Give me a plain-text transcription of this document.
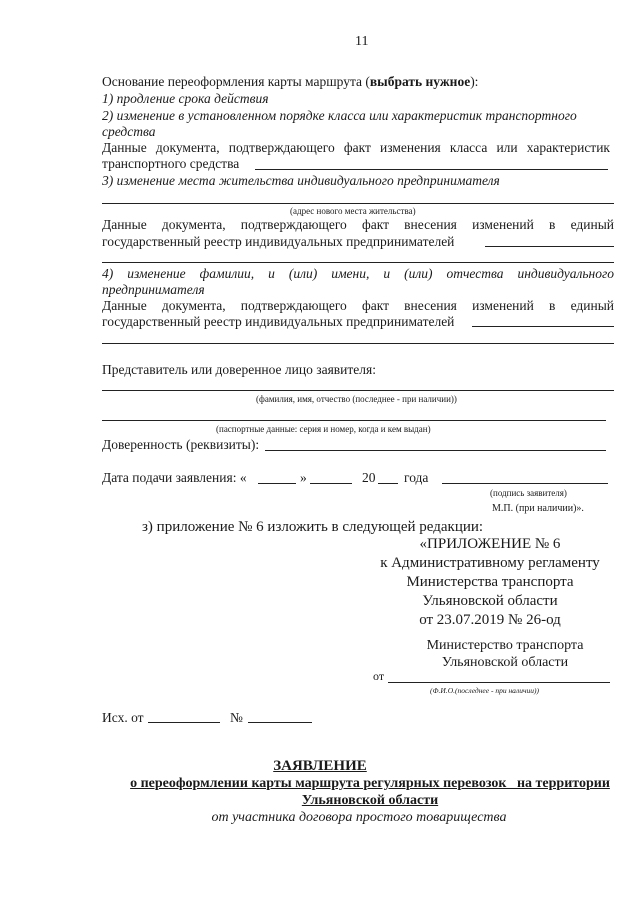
11
Основание переоформления карты маршрута (выбрать нужное):
1) продление срока действия
2) изменение в установленном порядке класса или характеристик транспортного
средства
Данные документа, подтверждающего факт изменения класса или характеристик
транспортного средства
3) изменение места жительства индивидуального предпринимателя
(адрес нового места жительства)
Данные документа, подтверждающего факт внесения изменений в единый
государственный реестр индивидуальных предпринимателей
4) изменение фамилии, и (или) имени, и (или) отчества индивидуального
предпринимателя
Данные документа, подтверждающего факт внесения изменений в единый
государственный реестр индивидуальных предпринимателей
Представитель или доверенное лицо заявителя:
(фамилия, имя, отчество (последнее - при наличии))
(паспортные данные: серия и номер, когда и кем выдан)
Доверенность (реквизиты):
Дата подачи заявления: «	»	20 года
(подпись заявителя)
М.П. (при наличии)».
з) приложение № 6 изложить в следующей редакции:
«ПРИЛОЖЕНИЕ № 6
к Административному регламенту
Министерства транспорта
Ульяновской области
от 23.07.2019 № 26-од
Министерство транспорта
Ульяновской области
от
(Ф.И.О.(последнее - при наличии))
Исх. от	№
ЗАЯВЛЕНИЕ
о переоформлении карты маршрута регулярных перевозок   на территории
Ульяновской области
от участника договора простого товарищества
